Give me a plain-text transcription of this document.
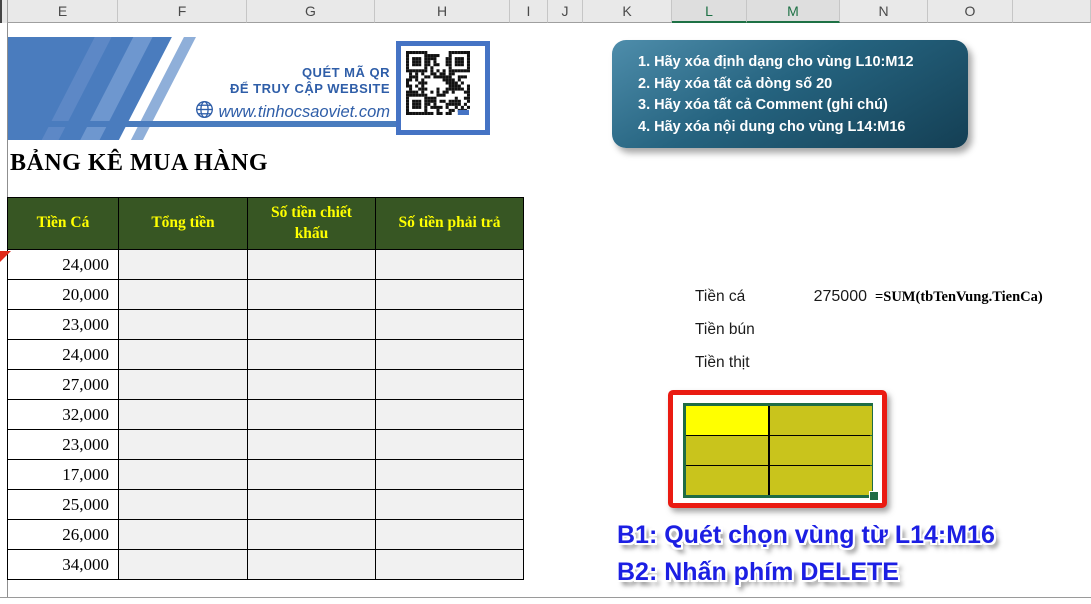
E	F	G	H	I	J	K	L	M	N	O
QUÉT MÃ QR
ĐỂ TRUY CẬP WEBSITE
www.tinhocsaoviet.com
1. Hãy xóa định dạng cho vùng L10:M12
2. Hãy xóa tất cả dòng số 20
3. Hãy xóa tất cả Comment (ghi chú)
4. Hãy xóa nội dung cho vùng L14:M16
BẢNG KÊ MUA HÀNG
Tiền Cá	Tổng tiền	Số tiền chiết khấu	Số tiền phải trả
24,000			
20,000			
23,000			
24,000			
27,000			
32,000			
23,000			
17,000			
25,000			
26,000			
34,000			
Tiền cá	275000 =SUM(tbTenVung.TienCa)
Tiền bún
Tiền thịt
B1: Quét chọn vùng từ L14:M16
B2: Nhấn phím DELETE
